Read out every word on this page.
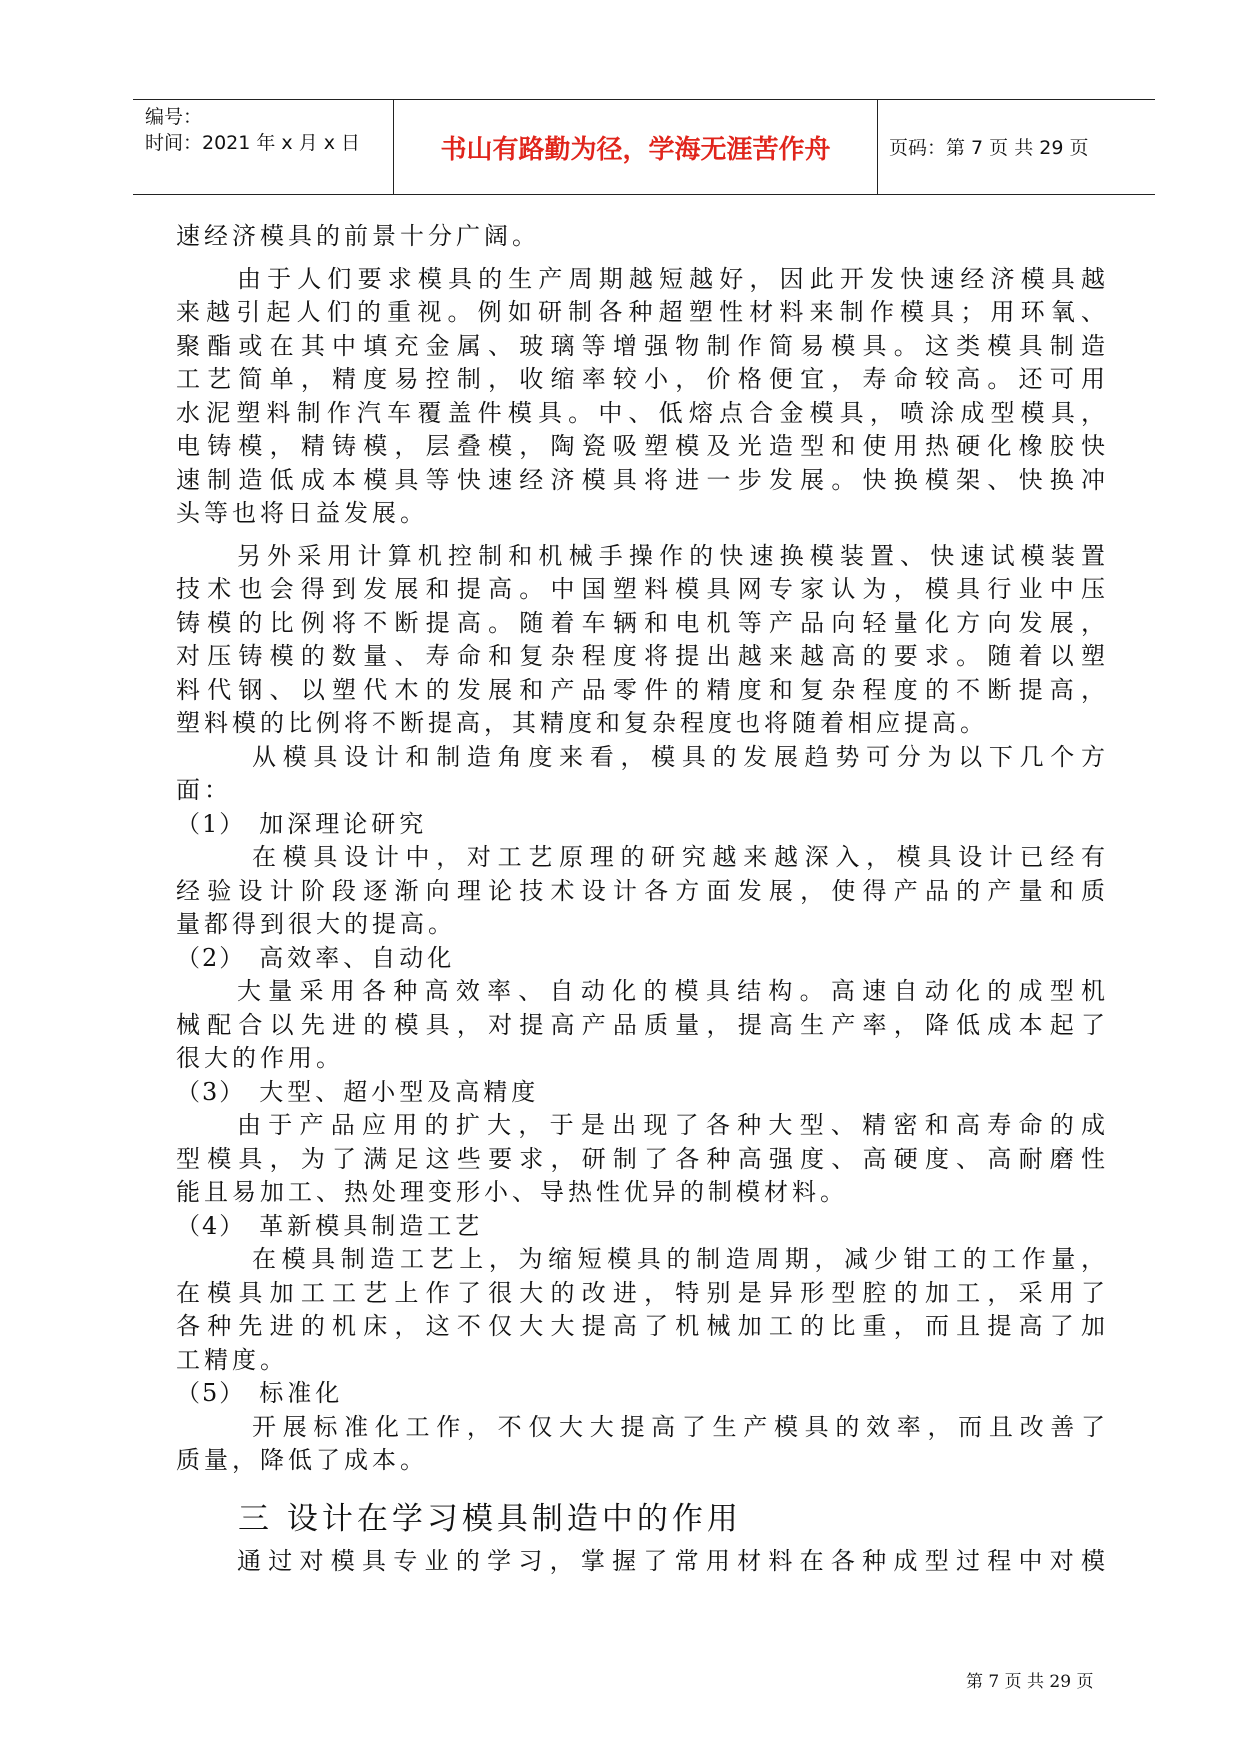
编号：
时间：2021 年 x 月 x 日	书山有路勤为径，学海无涯苦作舟	页码：第 7 页 共 29 页
速经济模具的前景十分广阔。
由于人们要求模具的生产周期越短越好，因此开发快速经济模具越
来越引起人们的重视。例如研制各种超塑性材料来制作模具；用环氧、
聚酯或在其中填充金属、玻璃等增强物制作简易模具。这类模具制造
工艺简单，精度易控制，收缩率较小，价格便宜，寿命较高。还可用
水泥塑料制作汽车覆盖件模具。中、低熔点合金模具，喷涂成型模具，
电铸模，精铸模，层叠模，陶瓷吸塑模及光造型和使用热硬化橡胶快
速制造低成本模具等快速经济模具将进一步发展。快换模架、快换冲
头等也将日益发展。
另外采用计算机控制和机械手操作的快速换模装置、快速试模装置
技术也会得到发展和提高。中国塑料模具网专家认为，模具行业中压
铸模的比例将不断提高。随着车辆和电机等产品向轻量化方向发展，
对压铸模的数量、寿命和复杂程度将提出越来越高的要求。随着以塑
料代钢、以塑代木的发展和产品零件的精度和复杂程度的不断提高，
塑料模的比例将不断提高，其精度和复杂程度也将随着相应提高。
从模具设计和制造角度来看，模具的发展趋势可分为以下几个方
面：
（1） 加深理论研究
在模具设计中，对工艺原理的研究越来越深入，模具设计已经有
经验设计阶段逐渐向理论技术设计各方面发展，使得产品的产量和质
量都得到很大的提高。
（2） 高效率、自动化
大量采用各种高效率、自动化的模具结构。高速自动化的成型机
械配合以先进的模具，对提高产品质量，提高生产率，降低成本起了
很大的作用。
（3） 大型、超小型及高精度
由于产品应用的扩大，于是出现了各种大型、精密和高寿命的成
型模具，为了满足这些要求，研制了各种高强度、高硬度、高耐磨性
能且易加工、热处理变形小、导热性优异的制模材料。
（4） 革新模具制造工艺
在模具制造工艺上，为缩短模具的制造周期，减少钳工的工作量，
在模具加工工艺上作了很大的改进，特别是异形型腔的加工，采用了
各种先进的机床，这不仅大大提高了机械加工的比重，而且提高了加
工精度。
（5） 标准化
开展标准化工作，不仅大大提高了生产模具的效率，而且改善了
质量，降低了成本。
三 设计在学习模具制造中的作用
通过对模具专业的学习，掌握了常用材料在各种成型过程中对模
第 7 页 共 29 页
